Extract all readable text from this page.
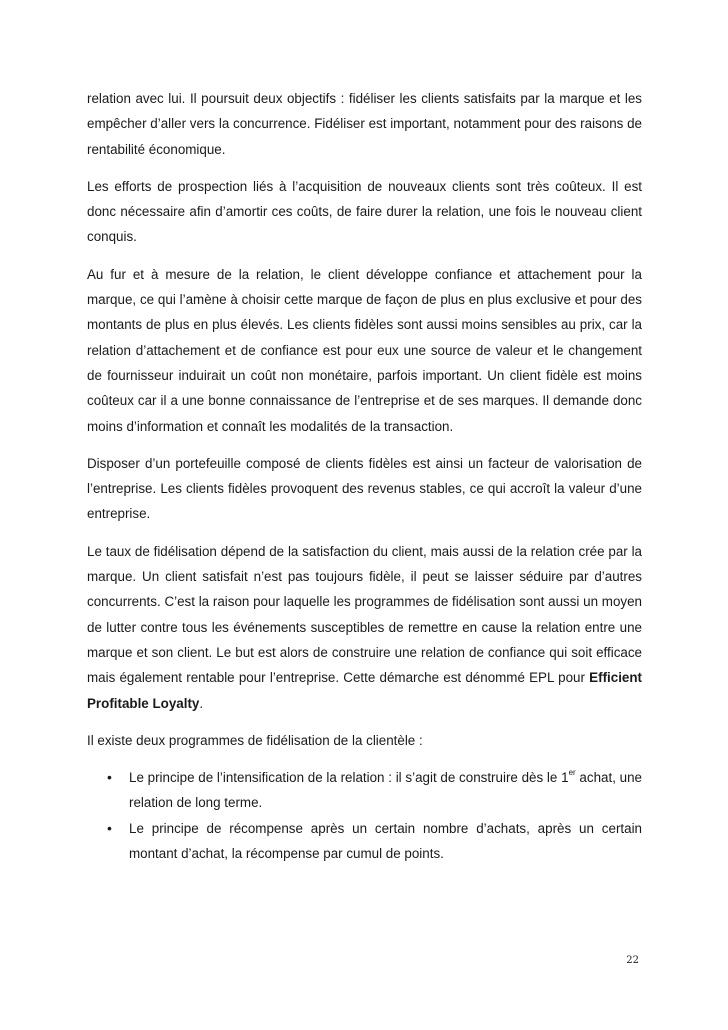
relation avec lui. Il poursuit deux objectifs : fidéliser les clients satisfaits par la marque et les empêcher d’aller vers la concurrence. Fidéliser est important, notamment pour des raisons de rentabilité économique.

Les efforts de prospection liés à l’acquisition de nouveaux clients sont très coûteux. Il est donc nécessaire afin d’amortir ces coûts, de faire durer la relation, une fois le nouveau client conquis.

Au fur et à mesure de la relation, le client développe confiance et attachement pour la marque, ce qui l’amène à choisir cette marque de façon de plus en plus exclusive et pour des montants de plus en plus élevés. Les clients fidèles sont aussi moins sensibles au prix, car la relation d’attachement et de confiance est pour eux une source de valeur et le changement de fournisseur induirait un coût non monétaire, parfois important. Un client fidèle est moins coûteux car il a une bonne connaissance de l’entreprise et de ses marques. Il demande donc moins d’information et connaît les modalités de la transaction.

Disposer d’un portefeuille composé de clients fidèles est ainsi un facteur de valorisation de l’entreprise. Les clients fidèles provoquent des revenus stables, ce qui accroît la valeur d’une entreprise.

Le taux de fidélisation dépend de la satisfaction du client, mais aussi de la relation crée par la marque. Un client satisfait n’est pas toujours fidèle, il peut se laisser séduire par d’autres concurrents. C’est la raison pour laquelle les programmes de fidélisation sont aussi un moyen de lutter contre tous les événements susceptibles de remettre en cause la relation entre une marque et son client. Le but est alors de construire une relation de confiance qui soit efficace mais également rentable pour l’entreprise. Cette démarche est dénommé EPL pour Efficient Profitable Loyalty.

Il existe deux programmes de fidélisation de la clientèle :

• Le principe de l’intensification de la relation : il s’agit de construire dès le 1er achat, une relation de long terme.
• Le principe de récompense après un certain nombre d’achats, après un certain montant d’achat, la récompense par cumul de points.
22
